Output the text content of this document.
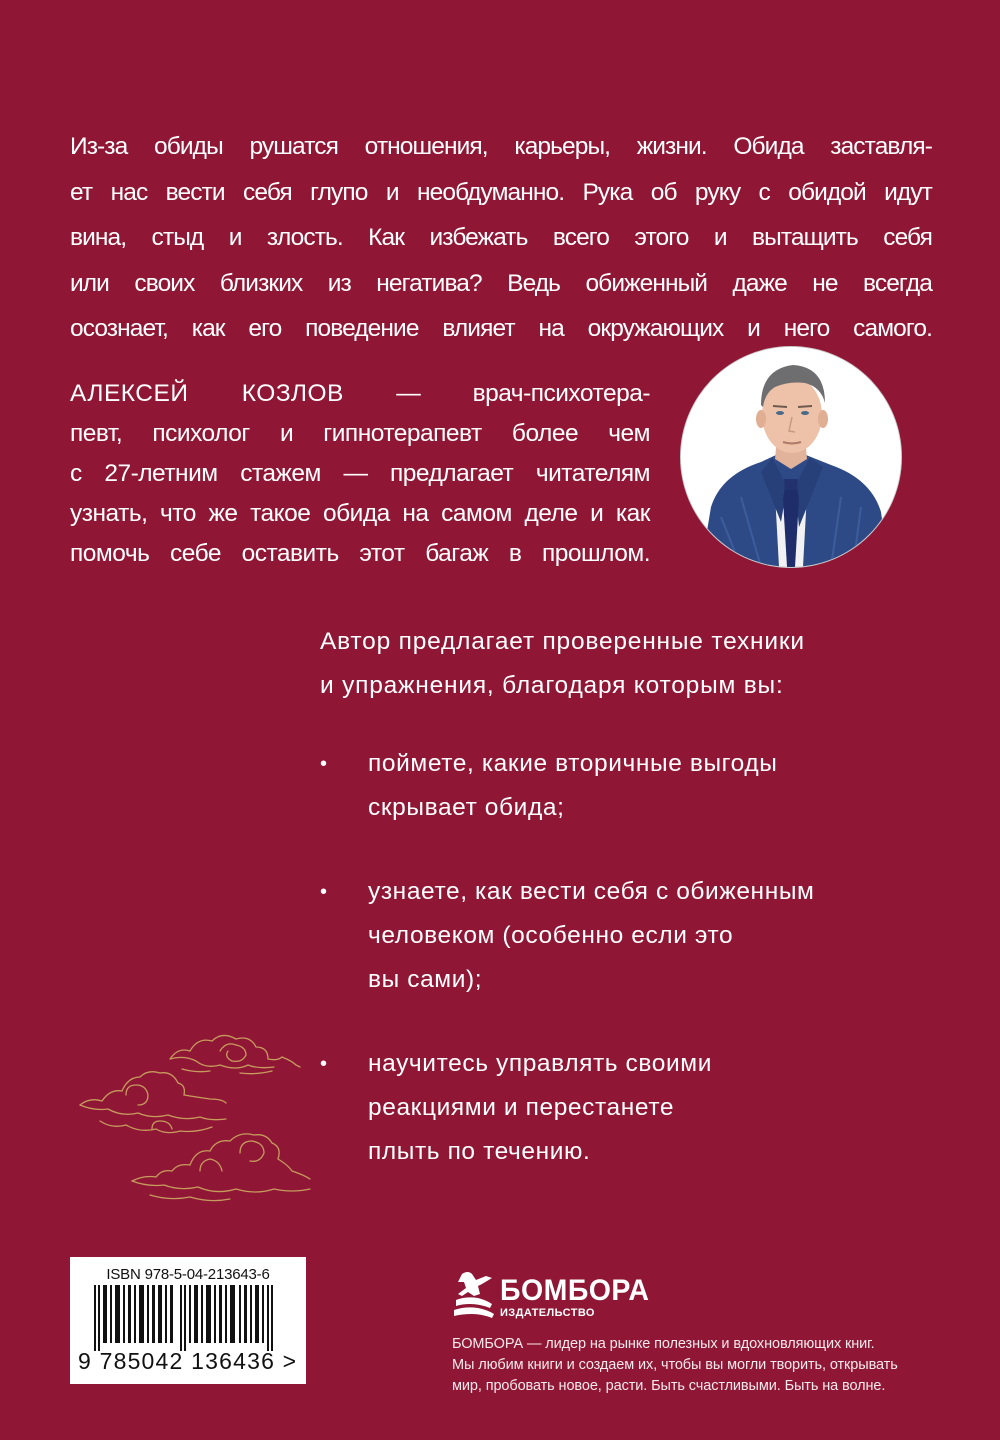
Из-за обиды рушатся отношения, карьеры, жизни. Обида заставля-
ет нас вести себя глупо и необдуманно. Рука об руку с обидой идут
вина, стыд и злость. Как избежать всего этого и вытащить себя
или своих близких из негатива? Ведь обиженный даже не всегда
осознает, как его поведение влияет на окружающих и него самого.

АЛЕКСЕЙ КОЗЛОВ — врач-психотера-
певт, психолог и гипнотерапевт более чем
с 27-летним стажем — предлагает читателям
узнать, что же такое обида на самом деле и как
помочь себе оставить этот багаж в прошлом.

Автор предлагает проверенные техники
и упражнения, благодаря которым вы:

•	поймете, какие вторичные выгоды
скрывает обида;
•	узнаете, как вести себя с обиженным
человеком (особенно если это
вы сами);
•	научитесь управлять своими
реакциями и перестанете
плыть по течению.
ISBN 978-5-04-213643-6
9 785042 136436 >
БОМБОРА
ИЗДАТЕЛЬСТВО

БОМБОРА — лидер на рынке полезных и вдохновляющих книг.
Мы любим книги и создаем их, чтобы вы могли творить, открывать
мир, пробовать новое, расти. Быть счастливыми. Быть на волне.
